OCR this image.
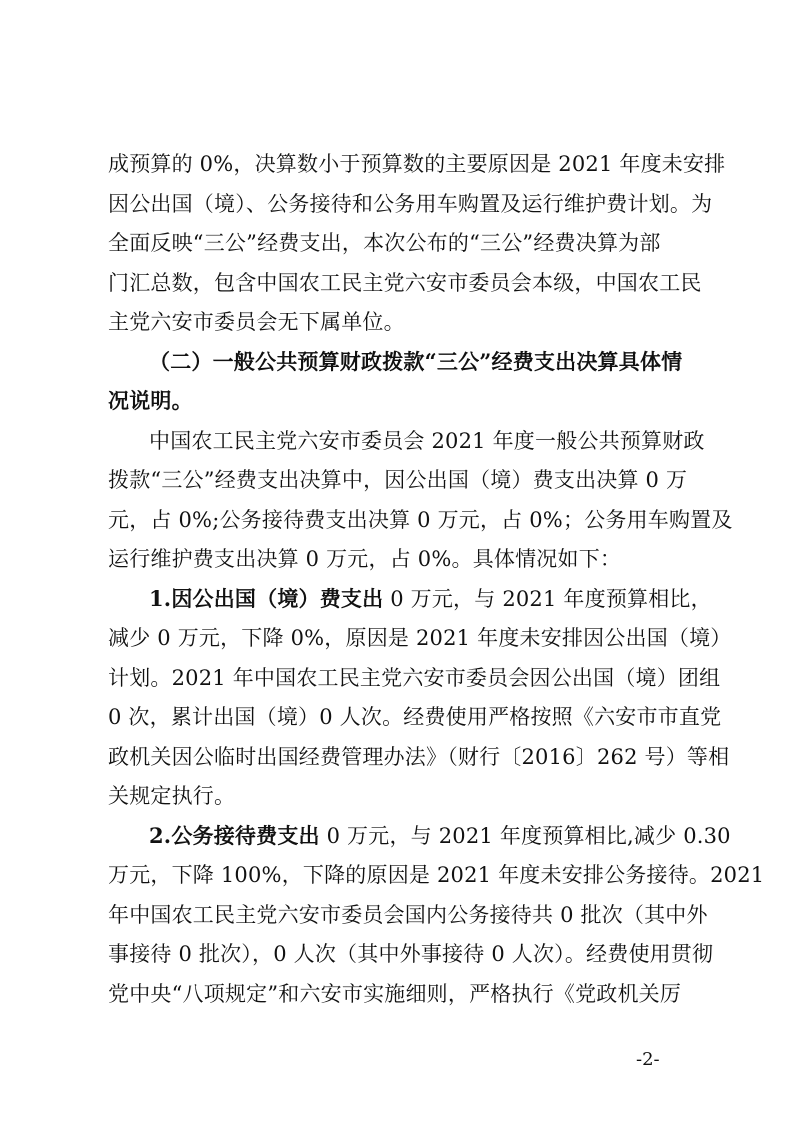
成预算的 0%，决算数小于预算数的主要原因是 2021 年度未安排
因公出国（境）、公务接待和公务用车购置及运行维护费计划。为
全面反映“三公”经费支出，本次公布的“三公”经费决算为部
门汇总数，包含中国农工民主党六安市委员会本级，中国农工民
主党六安市委员会无下属单位。
（二）一般公共预算财政拨款“三公”经费支出决算具体情
况说明。
中国农工民主党六安市委员会 2021 年度一般公共预算财政
拨款“三公”经费支出决算中，因公出国（境）费支出决算 0 万
元，占 0%;公务接待费支出决算 0 万元，占 0%；公务用车购置及
运行维护费支出决算 0 万元，占 0%。具体情况如下：
1.因公出国（境）费支出 0 万元，与 2021 年度预算相比，
减少 0 万元，下降 0%，原因是 2021 年度未安排因公出国（境）
计划。2021 年中国农工民主党六安市委员会因公出国（境）团组
0 次，累计出国（境）0 人次。经费使用严格按照《六安市市直党
政机关因公临时出国经费管理办法》（财行〔2016〕262 号）等相
关规定执行。
2.公务接待费支出 0 万元，与 2021 年度预算相比,减少 0.30
万元，下降 100%，下降的原因是 2021 年度未安排公务接待。2021
年中国农工民主党六安市委员会国内公务接待共 0 批次（其中外
事接待 0 批次），0 人次（其中外事接待 0 人次）。经费使用贯彻
党中央“八项规定”和六安市实施细则，严格执行《党政机关厉
-2-
